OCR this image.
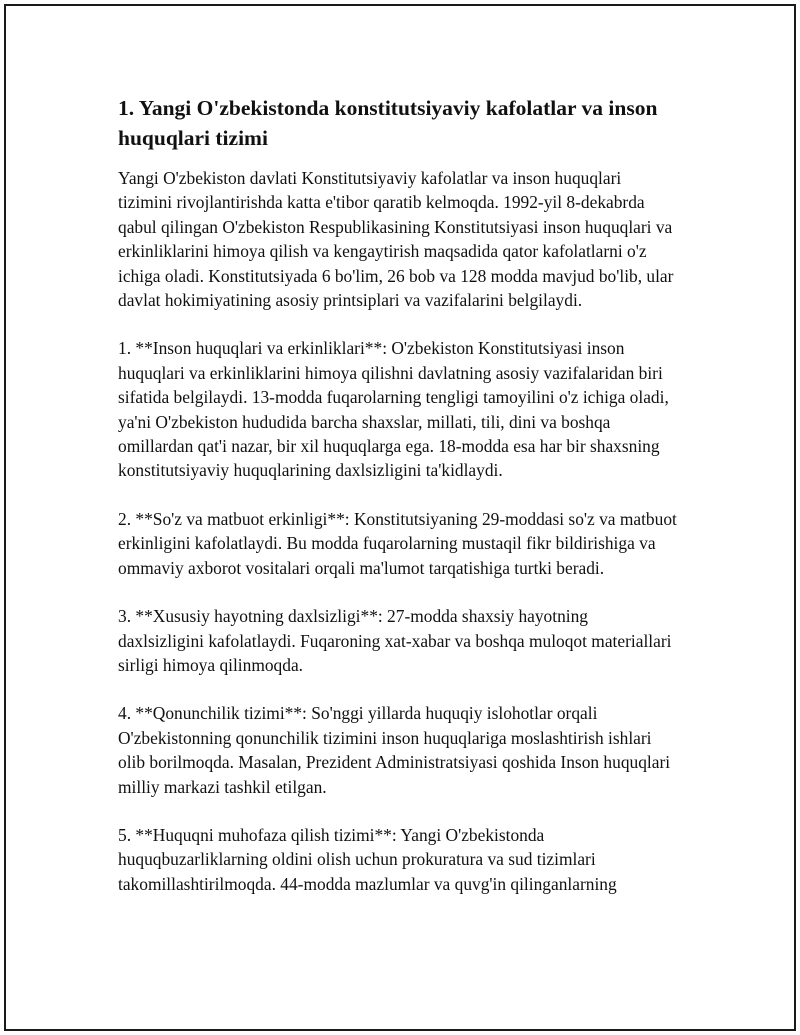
1. Yangi O'zbekistonda konstitutsiyaviy kafolatlar va inson huquqlari tizimi

Yangi O'zbekiston davlati Konstitutsiyaviy kafolatlar va inson huquqlari tizimini rivojlantirishda katta e'tibor qaratib kelmoqda. 1992-yil 8-dekabrda qabul qilingan O'zbekiston Respublikasining Konstitutsiyasi inson huquqlari va erkinliklarini himoya qilish va kengaytirish maqsadida qator kafolatlarni o'z ichiga oladi. Konstitutsiyada 6 bo'lim, 26 bob va 128 modda mavjud bo'lib, ular davlat hokimiyatining asosiy printsiplari va vazifalarini belgilaydi.

1. **Inson huquqlari va erkinliklari**: O'zbekiston Konstitutsiyasi inson huquqlari va erkinliklarini himoya qilishni davlatning asosiy vazifalaridan biri sifatida belgilaydi. 13-modda fuqarolarning tengligi tamoyilini o'z ichiga oladi, ya'ni O'zbekiston hududida barcha shaxslar, millati, tili, dini va boshqa omillardan qat'i nazar, bir xil huquqlarga ega. 18-modda esa har bir shaxsning konstitutsiyaviy huquqlarining daxlsizligini ta'kidlaydi.

2. **So'z va matbuot erkinligi**: Konstitutsiyaning 29-moddasi so'z va matbuot erkinligini kafolatlaydi. Bu modda fuqarolarning mustaqil fikr bildirishiga va ommaviy axborot vositalari orqali ma'lumot tarqatishiga turtki beradi.

3. **Xususiy hayotning daxlsizligi**: 27-modda shaxsiy hayotning daxlsizligini kafolatlaydi. Fuqaroning xat-xabar va boshqa muloqot materiallari sirligi himoya qilinmoqda.

4. **Qonunchilik tizimi**: So'nggi yillarda huquqiy islohotlar orqali O'zbekistonning qonunchilik tizimini inson huquqlariga moslashtirish ishlari olib borilmoqda. Masalan, Prezident Administratsiyasi qoshida Inson huquqlari milliy markazi tashkil etilgan.

5. **Huquqni muhofaza qilish tizimi**: Yangi O'zbekistonda huquqbuzarliklarning oldini olish uchun prokuratura va sud tizimlari takomillashtirilmoqda. 44-modda mazlumlar va quvg'in qilinganlarning
